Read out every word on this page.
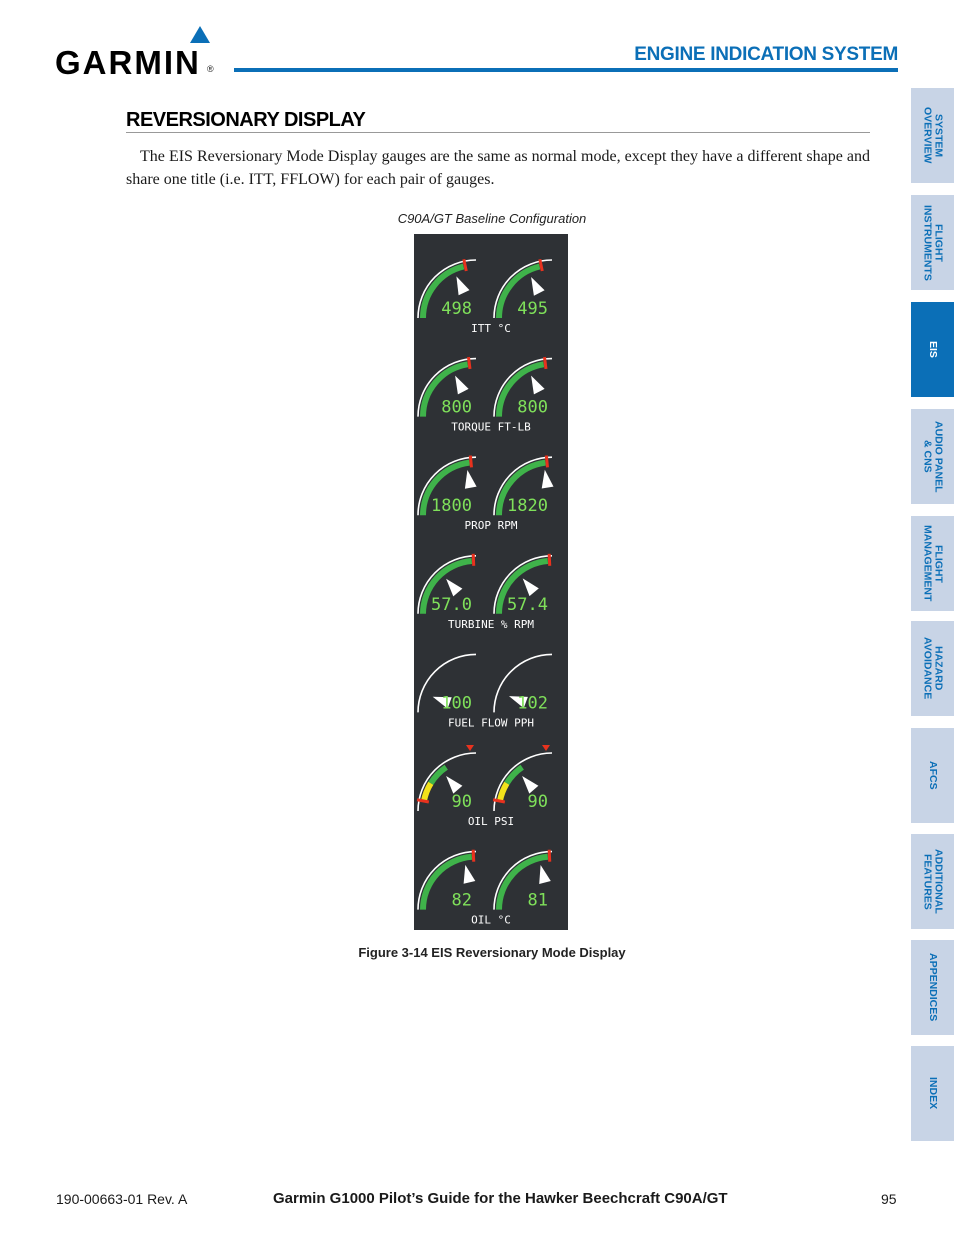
GARMIN ®
ENGINE INDICATION SYSTEM
REVERSIONARY DISPLAY
The EIS Reversionary Mode Display gauges are the same as normal mode, except they have a different shape and share one title (i.e. ITT, FFLOW) for each pair of gauges.
C90A/GT Baseline Configuration
498	495
ITT °C
800	800
TORQUE FT-LB
1800 1820
PROP RPM
57.0 57.4
TURBINE % RPM
100	102
FUEL FLOW PPH
90	90
OIL PSI
82	81
OIL °C
Figure 3-14 EIS Reversionary Mode Display
SYSTEM
OVERVIEW
FLIGHT
INSTRUMENTS
EIS
AUDIO PANEL
& CNS
FLIGHT
MANAGEMENT
HAZARD
AVOIDANCE
AFCS
ADDITIONAL
FEATURES
APPENDICES
INDEX
190-00663-01 Rev. A	Garmin G1000 Pilot’s Guide for the Hawker Beechcraft C90A/GT	95
